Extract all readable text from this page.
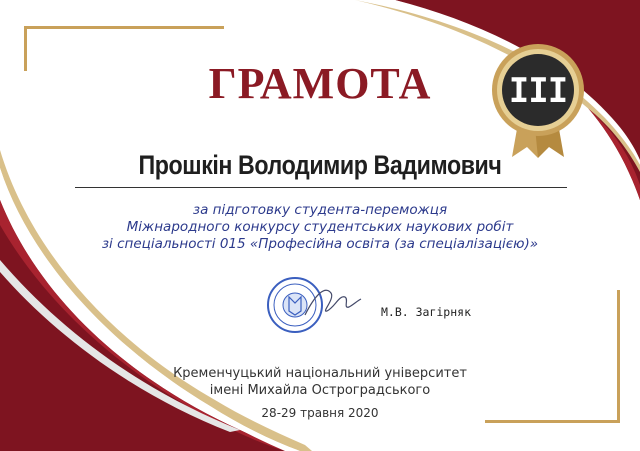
III
ГРАМОТА
Прошкін Володимир Вадимович
за підготовку студента-переможця
Міжнародного конкурсу студентських наукових робіт
зі спеціальності 015 «Професійна освіта (за спеціалізацією)»
М.В. Загірняк
Кременчуцький національний університет
імені Михайла Остроградського
28-29 травня 2020
